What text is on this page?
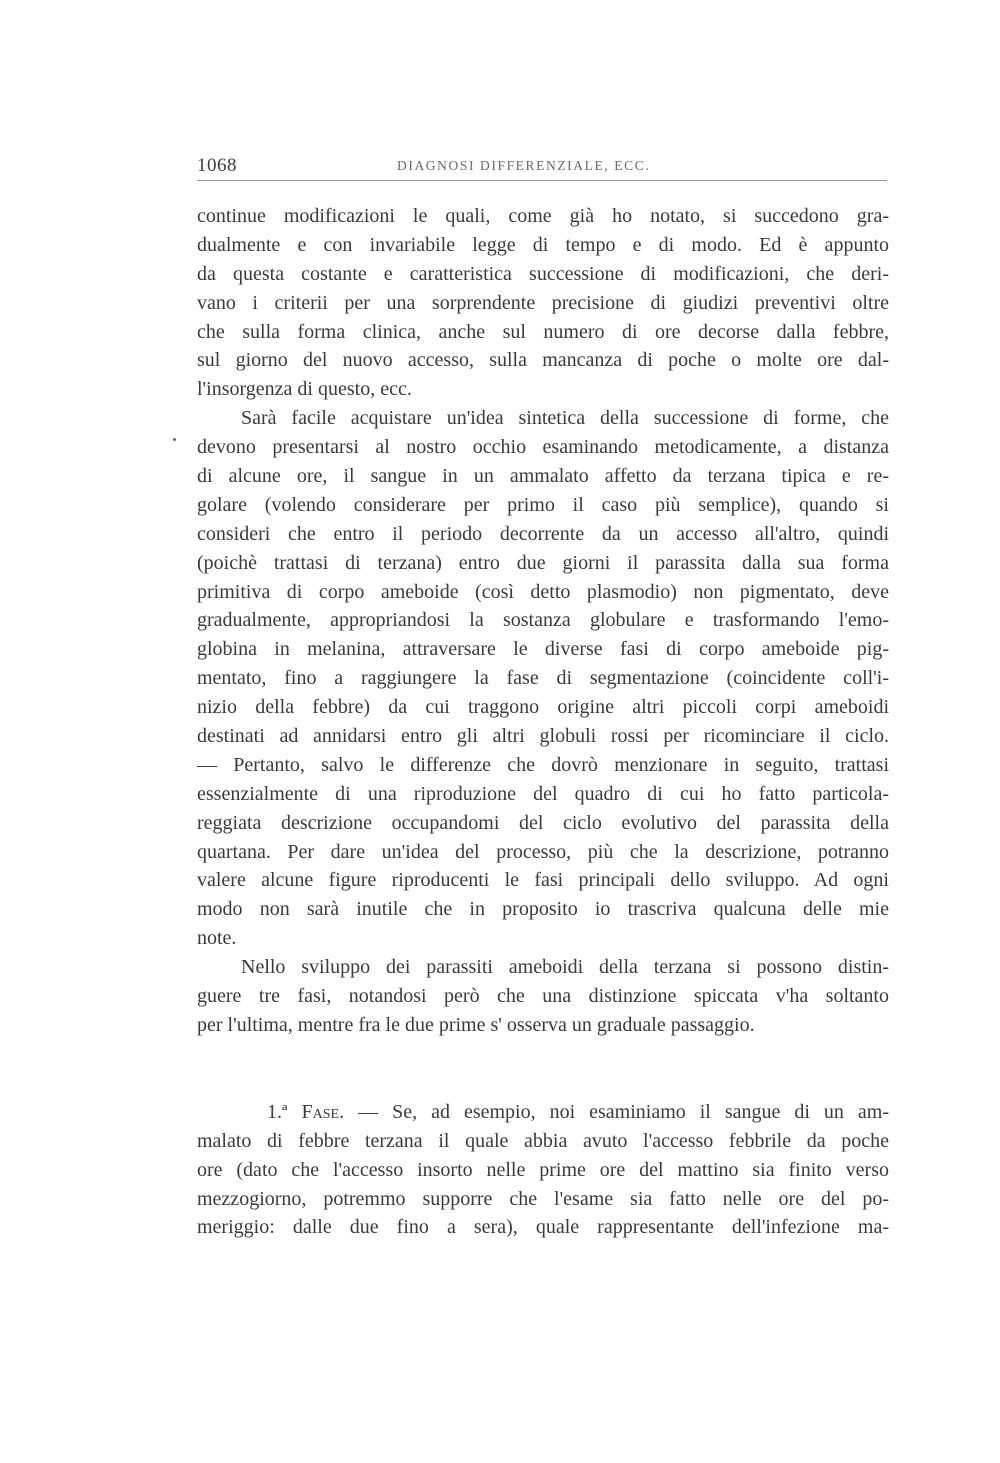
1068	DIAGNOSI DIFFERENZIALE, ECC.
continue modificazioni le quali, come già ho notato, si succedono gra-
dualmente e con invariabile legge di tempo e di modo. Ed è appunto
da questa costante e caratteristica successione di modificazioni, che deri-
vano i criterii per una sorprendente precisione di giudizi preventivi oltre
che sulla forma clinica, anche sul numero di ore decorse dalla febbre,
sul giorno del nuovo accesso, sulla mancanza di poche o molte ore dal-
l'insorgenza di questo, ecc.
Sarà facile acquistare un'idea sintetica della successione di forme, che
devono presentarsi al nostro occhio esaminando metodicamente, a distanza
di alcune ore, il sangue in un ammalato affetto da terzana tipica e re-
golare (volendo considerare per primo il caso più semplice), quando si
consideri che entro il periodo decorrente da un accesso all'altro, quindi
(poichè trattasi di terzana) entro due giorni il parassita dalla sua forma
primitiva di corpo ameboide (così detto plasmodio) non pigmentato, deve
gradualmente, appropriandosi la sostanza globulare e trasformando l'emo-
globina in melanina, attraversare le diverse fasi di corpo ameboide pig-
mentato, fino a raggiungere la fase di segmentazione (coincidente coll'i-
nizio della febbre) da cui traggono origine altri piccoli corpi ameboidi
destinati ad annidarsi entro gli altri globuli rossi per ricominciare il ciclo.
— Pertanto, salvo le differenze che dovrò menzionare in seguito, trattasi
essenzialmente di una riproduzione del quadro di cui ho fatto particola-
reggiata descrizione occupandomi del ciclo evolutivo del parassita della
quartana. Per dare un'idea del processo, più che la descrizione, potranno
valere alcune figure riproducenti le fasi principali dello sviluppo. Ad ogni
modo non sarà inutile che in proposito io trascriva qualcuna delle mie
note.
Nello sviluppo dei parassiti ameboidi della terzana si possono distin-
guere tre fasi, notandosi però che una distinzione spiccata v'ha soltanto
per l'ultima, mentre fra le due prime s' osserva un graduale passaggio.
1.ª Fase. — Se, ad esempio, noi esaminiamo il sangue di un am-
malato di febbre terzana il quale abbia avuto l'accesso febbrile da poche
ore (dato che l'accesso insorto nelle prime ore del mattino sia finito verso
mezzogiorno, potremmo supporre che l'esame sia fatto nelle ore del po-
meriggio: dalle due fino a sera), quale rappresentante dell'infezione ma-
